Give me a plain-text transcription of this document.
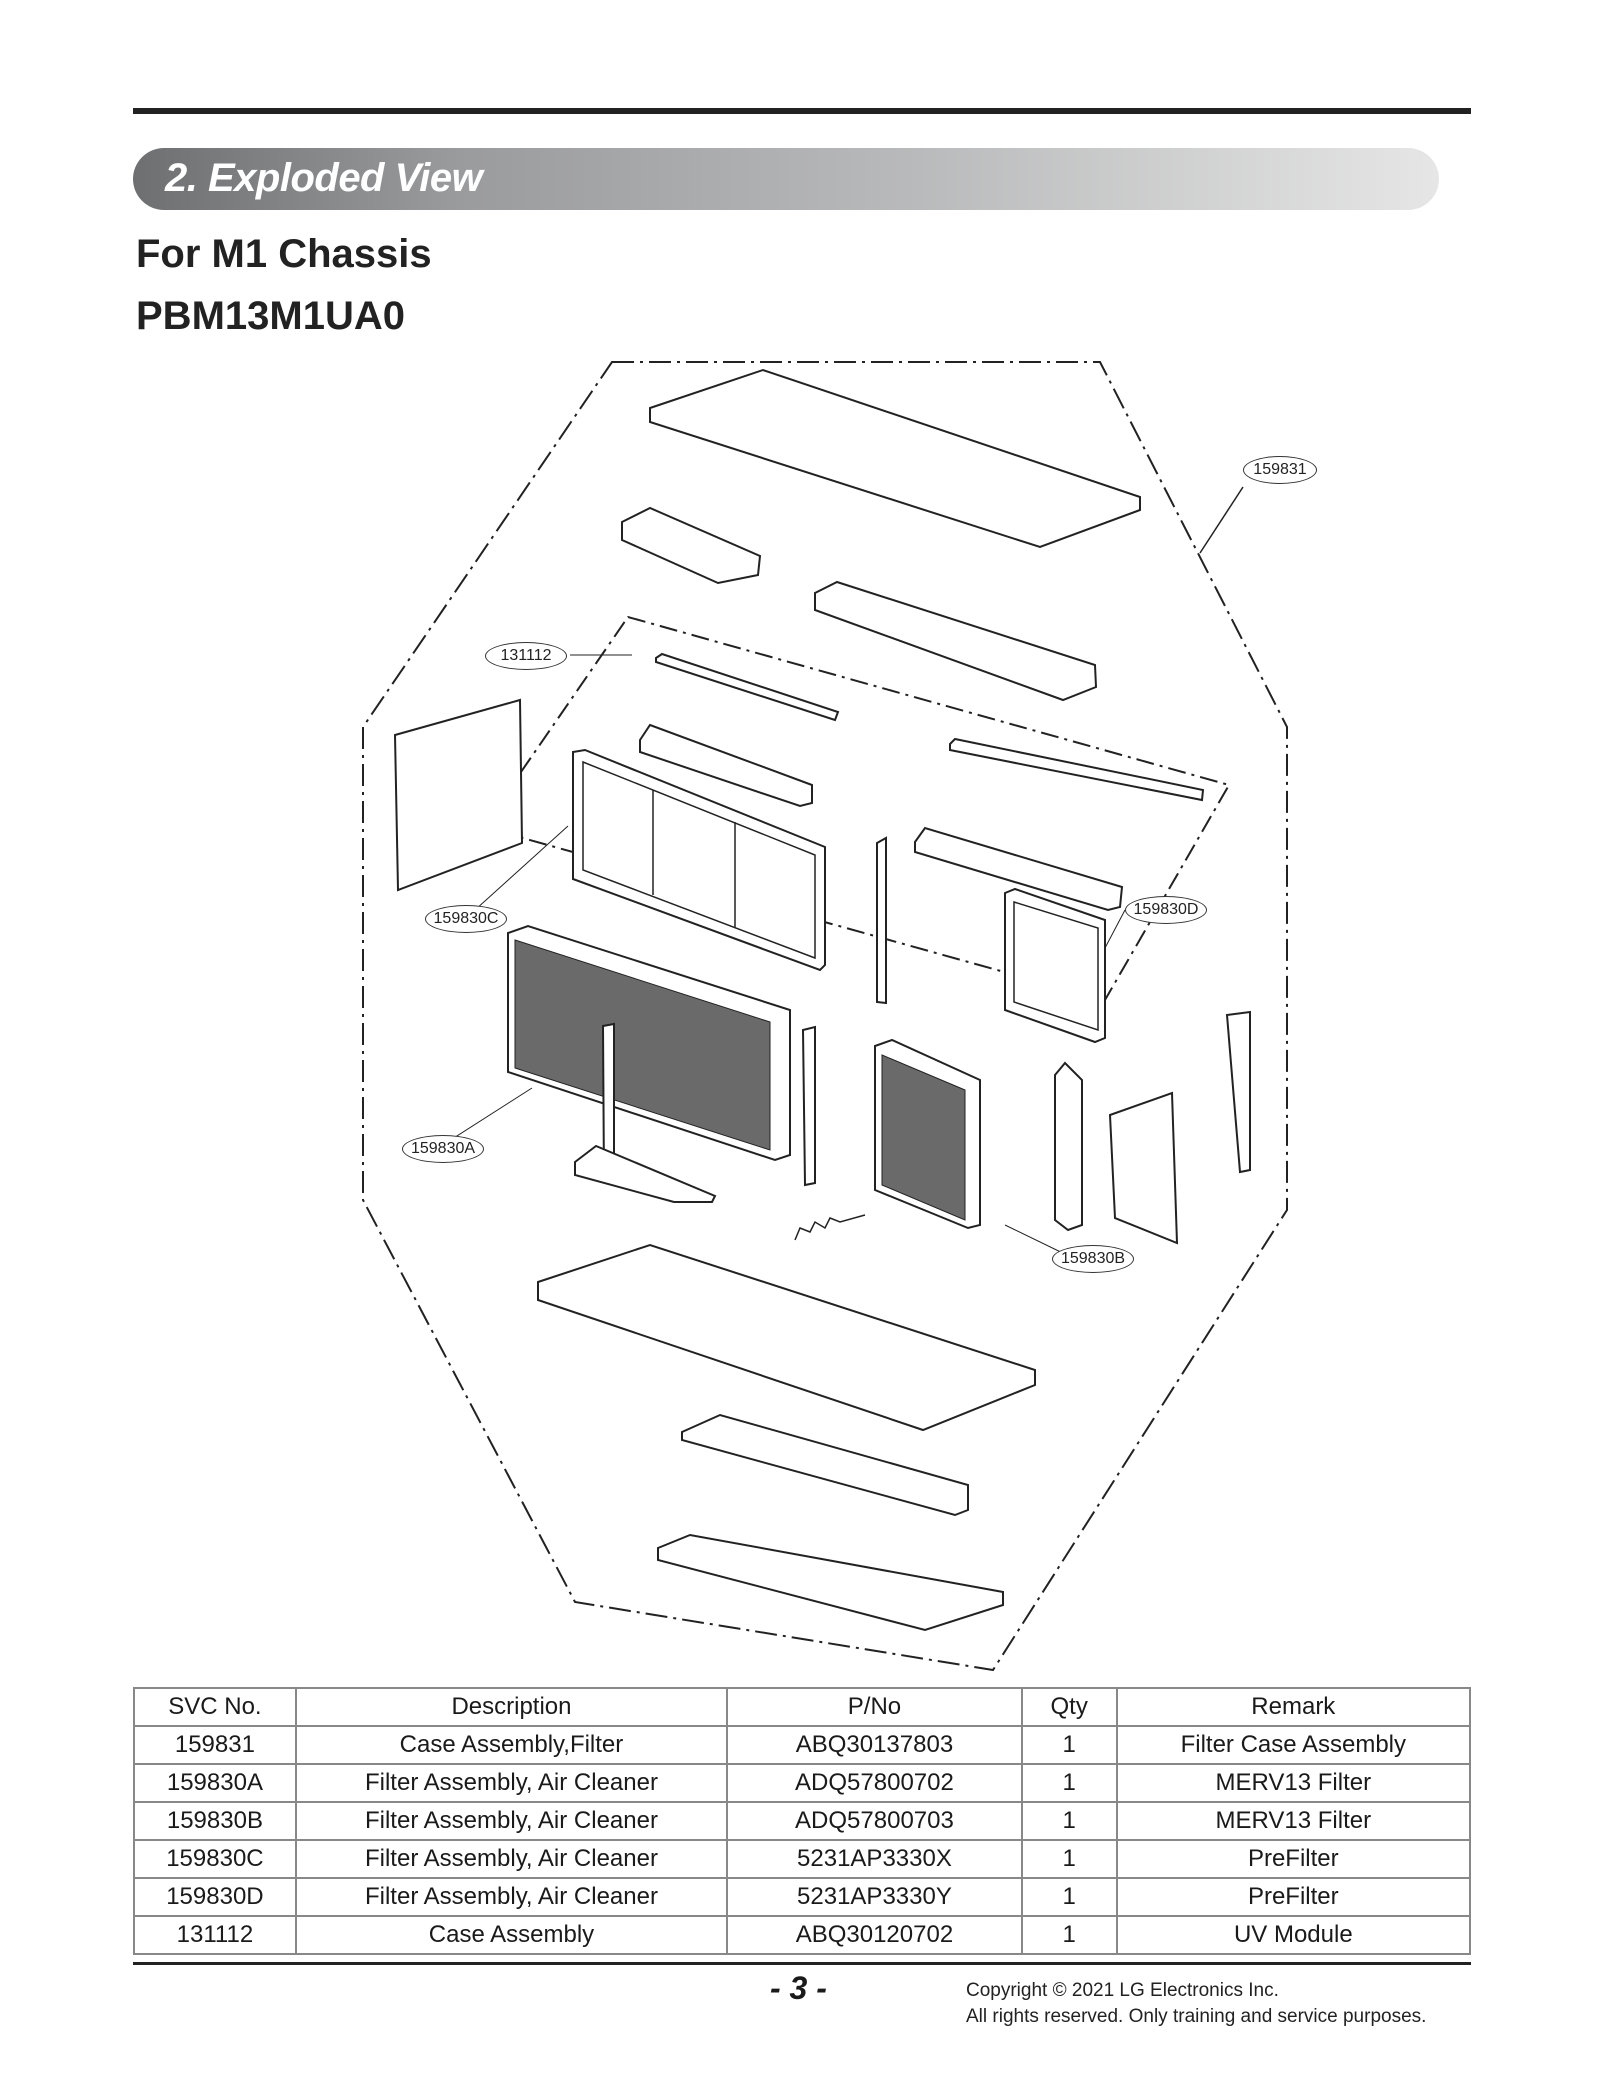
2. Exploded View
For M1 Chassis
PBM13M1UA0
159831
131112
159830C
159830D
159830A
159830B
SVC No.	Description	P/No	Qty	Remark
159831	Case Assembly,Filter	ABQ30137803	1	Filter Case Assembly
159830A	Filter Assembly, Air Cleaner	ADQ57800702	1	MERV13 Filter
159830B	Filter Assembly, Air Cleaner	ADQ57800703	1	MERV13 Filter
159830C	Filter Assembly, Air Cleaner	5231AP3330X	1	PreFilter
159830D	Filter Assembly, Air Cleaner	5231AP3330Y	1	PreFilter
131112	Case Assembly	ABQ30120702	1	UV Module
- 3 -	Copyright © 2021 LG Electronics Inc.
All rights reserved. Only training and service purposes.
